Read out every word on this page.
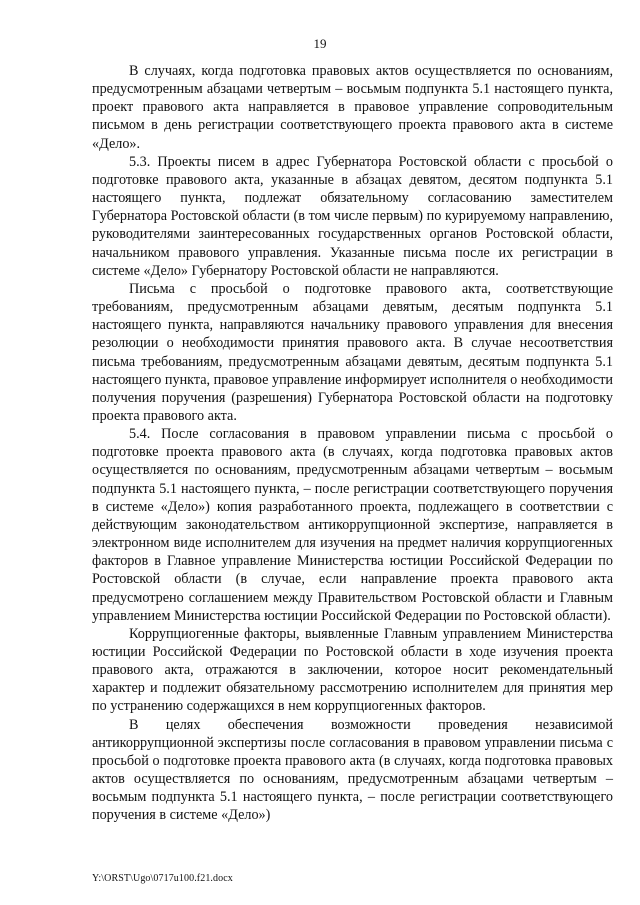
19

В случаях, когда подготовка правовых актов осуществляется по основаниям, предусмотренным абзацами четвертым – восьмым подпункта 5.1 настоящего пункта, проект правового акта направляется в правовое управление сопроводительным письмом в день регистрации соответствующего проекта правового акта в системе «Дело».

5.3. Проекты писем в адрес Губернатора Ростовской области с просьбой о подготовке правового акта, указанные в абзацах девятом, десятом подпункта 5.1 настоящего пункта, подлежат обязательному согласованию заместителем Губернатора Ростовской области (в том числе первым) по курируемому направлению, руководителями заинтересованных государственных органов Ростовской области, начальником правового управления. Указанные письма после их регистрации в системе «Дело» Губернатору Ростовской области не направляются.

Письма с просьбой о подготовке правового акта, соответствующие требованиям, предусмотренным абзацами девятым, десятым подпункта 5.1 настоящего пункта, направляются начальнику правового управления для внесения резолюции о необходимости принятия правового акта. В случае несоответствия письма требованиям, предусмотренным абзацами девятым, десятым подпункта 5.1 настоящего пункта, правовое управление информирует исполнителя о необходимости получения поручения (разрешения) Губернатора Ростовской области на подготовку проекта правового акта.

5.4. После согласования в правовом управлении письма с просьбой о подготовке проекта правового акта (в случаях, когда подготовка правовых актов осуществляется по основаниям, предусмотренным абзацами четвертым – восьмым подпункта 5.1 настоящего пункта, – после регистрации соответствующего поручения в системе «Дело») копия разработанного проекта, подлежащего в соответствии с действующим законодательством антикоррупционной экспертизе, направляется в электронном виде исполнителем для изучения на предмет наличия коррупциогенных факторов в Главное управление Министерства юстиции Российской Федерации по Ростовской области (в случае, если направление проекта правового акта предусмотрено соглашением между Правительством Ростовской области и Главным управлением Министерства юстиции Российской Федерации по Ростовской области).

Коррупциогенные факторы, выявленные Главным управлением Министерства юстиции Российской Федерации по Ростовской области в ходе изучения проекта правового акта, отражаются в заключении, которое носит рекомендательный характер и подлежит обязательному рассмотрению исполнителем для принятия мер по устранению содержащихся в нем коррупциогенных факторов.

В целях обеспечения возможности проведения независимой антикоррупционной экспертизы после согласования в правовом управлении письма с просьбой о подготовке проекта правового акта (в случаях, когда подготовка правовых актов осуществляется по основаниям, предусмотренным абзацами четвертым – восьмым подпункта 5.1 настоящего пункта, – после регистрации соответствующего поручения в системе «Дело»)

Y:\ORST\Ugo\0717u100.f21.docx
